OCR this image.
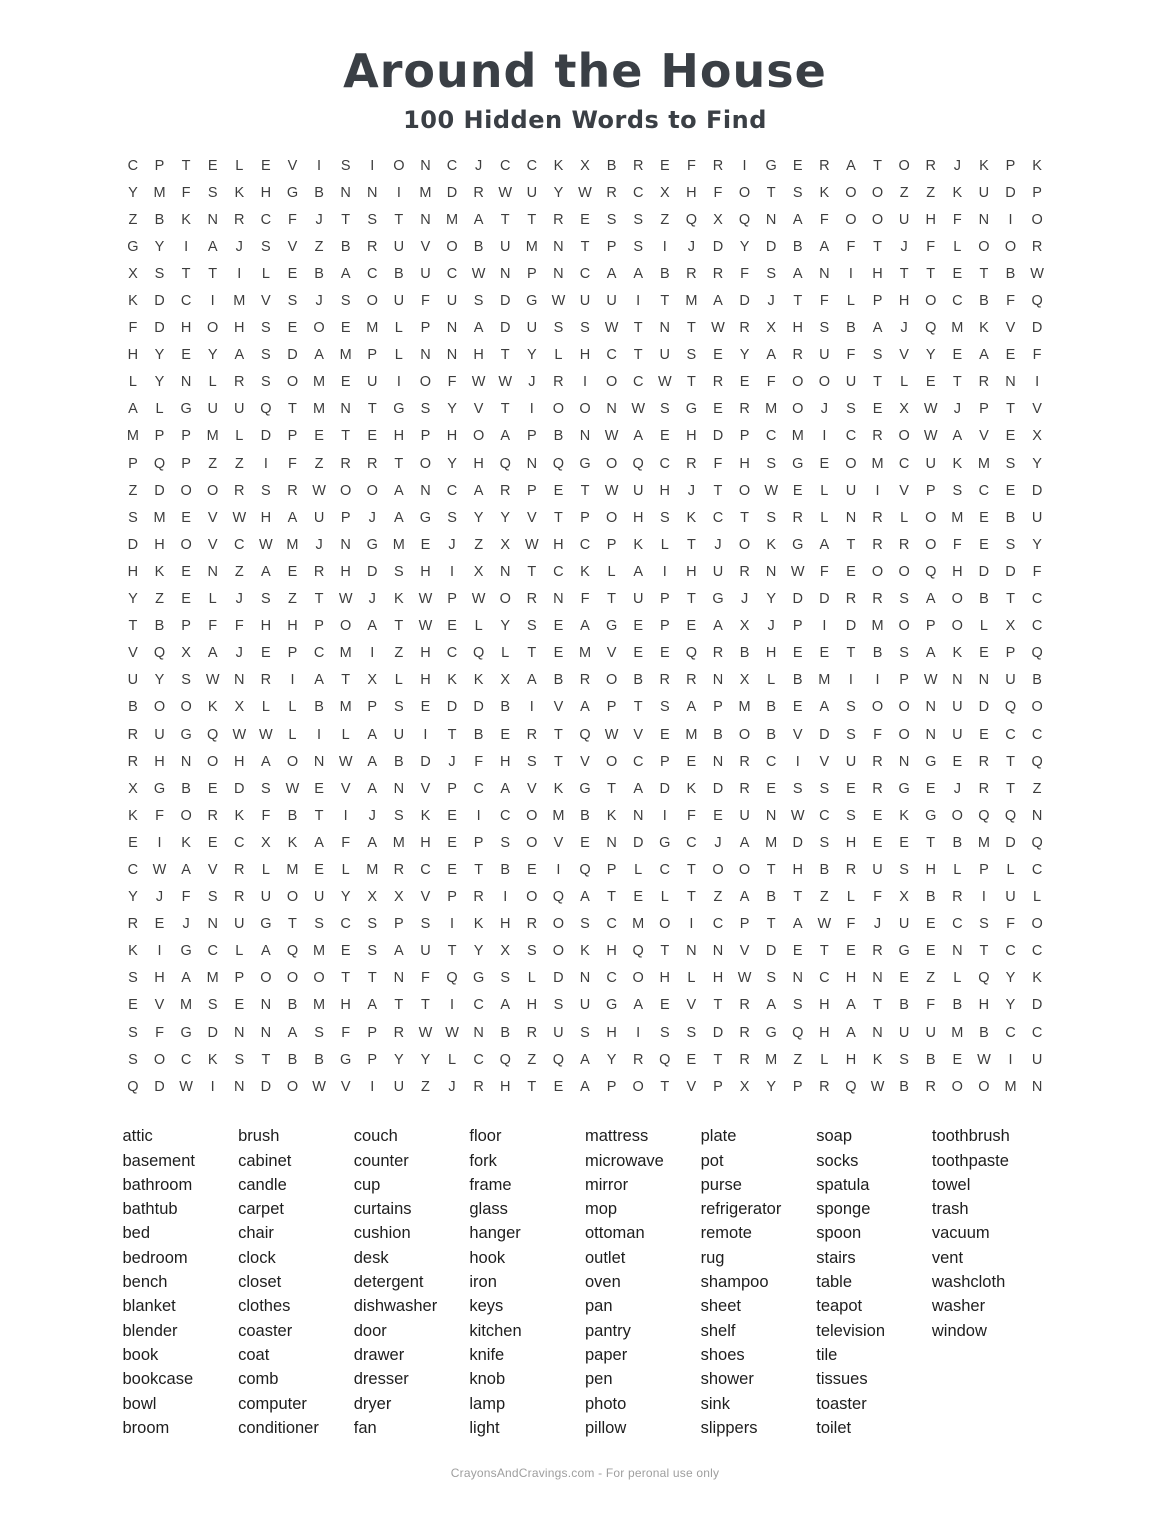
Around the House
100 Hidden Words to Find
C	P	T	E	L	E	V	I	S	I	O	N	C	J	C	C	K	X	B	R	E	F	R	I	G	E	R	A	T	O	R	J	K	P	K
Y	M	F	S	K	H	G	B	N	N	I	M	D	R	W	U	Y	W	R	C	X	H	F	O	T	S	K	O	O	Z	Z	K	U	D	P
Z	B	K	N	R	C	F	J	T	S	T	N	M	A	T	T	R	E	S	S	Z	Q	X	Q	N	A	F	O	O	U	H	F	N	I	O
G	Y	I	A	J	S	V	Z	B	R	U	V	O	B	U	M	N	T	P	S	I	J	D	Y	D	B	A	F	T	J	F	L	O	O	R
X	S	T	T	I	L	E	B	A	C	B	U	C	W	N	P	N	C	A	A	B	R	R	F	S	A	N	I	H	T	T	E	T	B	W
K	D	C	I	M	V	S	J	S	O	U	F	U	S	D	G W	U	U	I	T	M	A	D	J	T	F	L	P	H	O	C	B	F	Q
F	D	H	O	H	S	E	O	E	M	L	P	N	A	D	U	S	S	W	T	N	T	W	R	X	H	S	B	A	J	Q	M	K	V	D
H	Y	E	Y	A	S	D	A	M	P	L	N	N	H	T	Y	L	H	C	T	U	S	E	Y	A	R	U	F	S	V	Y	E	A	E	F
L	Y	N	L	R	S	O	M	E	U	I	O	F	W W	J	R	I	O	C	W	T	R	E	F	O	O	U	T	L	E	T	R	N	I
A	L	G	U	U	Q	T	M	N	T	G	S	Y	V	T	I	O	O	N	W	S	G	E	R	M	O	J	S	E	X	W	J	P	T	V
M	P	P	M	L	D	P	E	T	E	H	P	H	O	A	P	B	N	W	A	E	H	D	P	C	M	I	C	R	O W	A	V	E	X
P	Q	P	Z	Z	I	F	Z	R	R	T	O	Y	H	Q	N	Q	G	O	Q	C	R	F	H	S	G	E	O	M	C	U	K	M	S	Y
Z	D	O	O	R	S	R	W O	O	A	N	C	A	R	P	E	T	W	U	H	J	T	O W	E	L	U	I	V	P	S	C	E	D
S	M	E	V	W	H	A	U	P	J	A	G	S	Y	Y	V	T	P	O	H	S	K	C	T	S	R	L	N	R	L	O	M	E	B	U
D	H	O	V	C	W M	J	N	G	M	E	J	Z	X	W	H	C	P	K	L	T	J	O	K	G	A	T	R	R	O	F	E	S	Y
H	K	E	N	Z	A	E	R	H	D	S	H	I	X	N	T	C	K	L	A	I	H	U	R	N	W	F	E	O	O	Q	H	D	D	F
Y	Z	E	L	J	S	Z	T	W	J	K	W	P	W O	R	N	F	T	U	P	T	G	J	Y	D	D	R	R	S	A	O	B	T	C
T	B	P	F	F	H	H	P	O	A	T	W	E	L	Y	S	E	A	G	E	P	E	A	X	J	P	I	D	M	O	P	O	L	X	C
V	Q	X	A	J	E	P	C	M	I	Z	H	C	Q	L	T	E	M	V	E	E	Q	R	B	H	E	E	T	B	S	A	K	E	P	Q
U	Y	S	W	N	R	I	A	T	X	L	H	K	K	X	A	B	R	O	B	R	R	N	X	L	B	M	I	I	P	W	N	N	U	B
B	O	O	K	X	L	L	B	M	P	S	E	D	D	B	I	V	A	P	T	S	A	P	M	B	E	A	S	O	O	N	U	D	Q	O
R	U	G	Q W W	L	I	L	A	U	I	T	B	E	R	T	Q W	V	E	M	B	O	B	V	D	S	F	O	N	U	E	C	C
R	H	N	O	H	A	O	N	W	A	B	D	J	F	H	S	T	V	O	C	P	E	N	R	C	I	V	U	R	N	G	E	R	T	Q
X	G	B	E	D	S	W	E	V	A	N	V	P	C	A	V	K	G	T	A	D	K	D	R	E	S	S	E	R	G	E	J	R	T	Z
K	F	O	R	K	F	B	T	I	J	S	K	E	I	C	O	M	B	K	N	I	F	E	U	N	W	C	S	E	K	G	O	Q	Q	N
E	I	K	E	C	X	K	A	F	A	M	H	E	P	S	O	V	E	N	D	G	C	J	A	M	D	S	H	E	E	T	B	M	D	Q
C	W	A	V	R	L	M	E	L	M	R	C	E	T	B	E	I	Q	P	L	C	T	O	O	T	H	B	R	U	S	H	L	P	L	C
Y	J	F	S	R	U	O	U	Y	X	X	V	P	R	I	O	Q	A	T	E	L	T	Z	A	B	T	Z	L	F	X	B	R	I	U	L
R	E	J	N	U	G	T	S	C	S	P	S	I	K	H	R	O	S	C	M	O	I	C	P	T	A	W	F	J	U	E	C	S	F	O
K	I	G	C	L	A	Q	M	E	S	A	U	T	Y	X	S	O	K	H	Q	T	N	N	V	D	E	T	E	R	G	E	N	T	C	C
S	H	A	M	P	O	O	O	T	T	N	F	Q	G	S	L	D	N	C	O	H	L	H	W	S	N	C	H	N	E	Z	L	Q	Y	K
E	V	M	S	E	N	B	M	H	A	T	T	I	C	A	H	S	U	G	A	E	V	T	R	A	S	H	A	T	B	F	B	H	Y	D
S	F	G	D	N	N	A	S	F	P	R	W W	N	B	R	U	S	H	I	S	S	D	R	G	Q	H	A	N	U	U	M	B	C	C
S	O	C	K	S	T	B	B	G	P	Y	Y	L	C	Q	Z	Q	A	Y	R	Q	E	T	R	M	Z	L	H	K	S	B	E	W	I	U
Q	D	W	I	N	D	O W	V	I	U	Z	J	R	H	T	E	A	P	O	T	V	P	X	Y	P	R	Q W	B	R	O	O	M	N
attic
basement
bathroom
bathtub
bed
bedroom
bench
blanket
blender
book
bookcase
bowl
broom
brush
cabinet
candle
carpet
chair
clock
closet
clothes
coaster
coat
comb
computer
conditioner
couch
counter
cup
curtains
cushion
desk
detergent
dishwasher
door
drawer
dresser
dryer
fan
floor
fork
frame
glass
hanger
hook
iron
keys
kitchen
knife
knob
lamp
light
mattress
microwave
mirror
mop
ottoman
outlet
oven
pan
pantry
paper
pen
photo
pillow
plate
pot
purse
refrigerator
remote
rug
shampoo
sheet
shelf
shoes
shower
sink
slippers
soap
socks
spatula
sponge
spoon
stairs
table
teapot
television
tile
tissues
toaster
toilet
toothbrush
toothpaste
towel
trash
vacuum
vent
washcloth
washer
window
CrayonsAndCravings.com - For peronal use only
